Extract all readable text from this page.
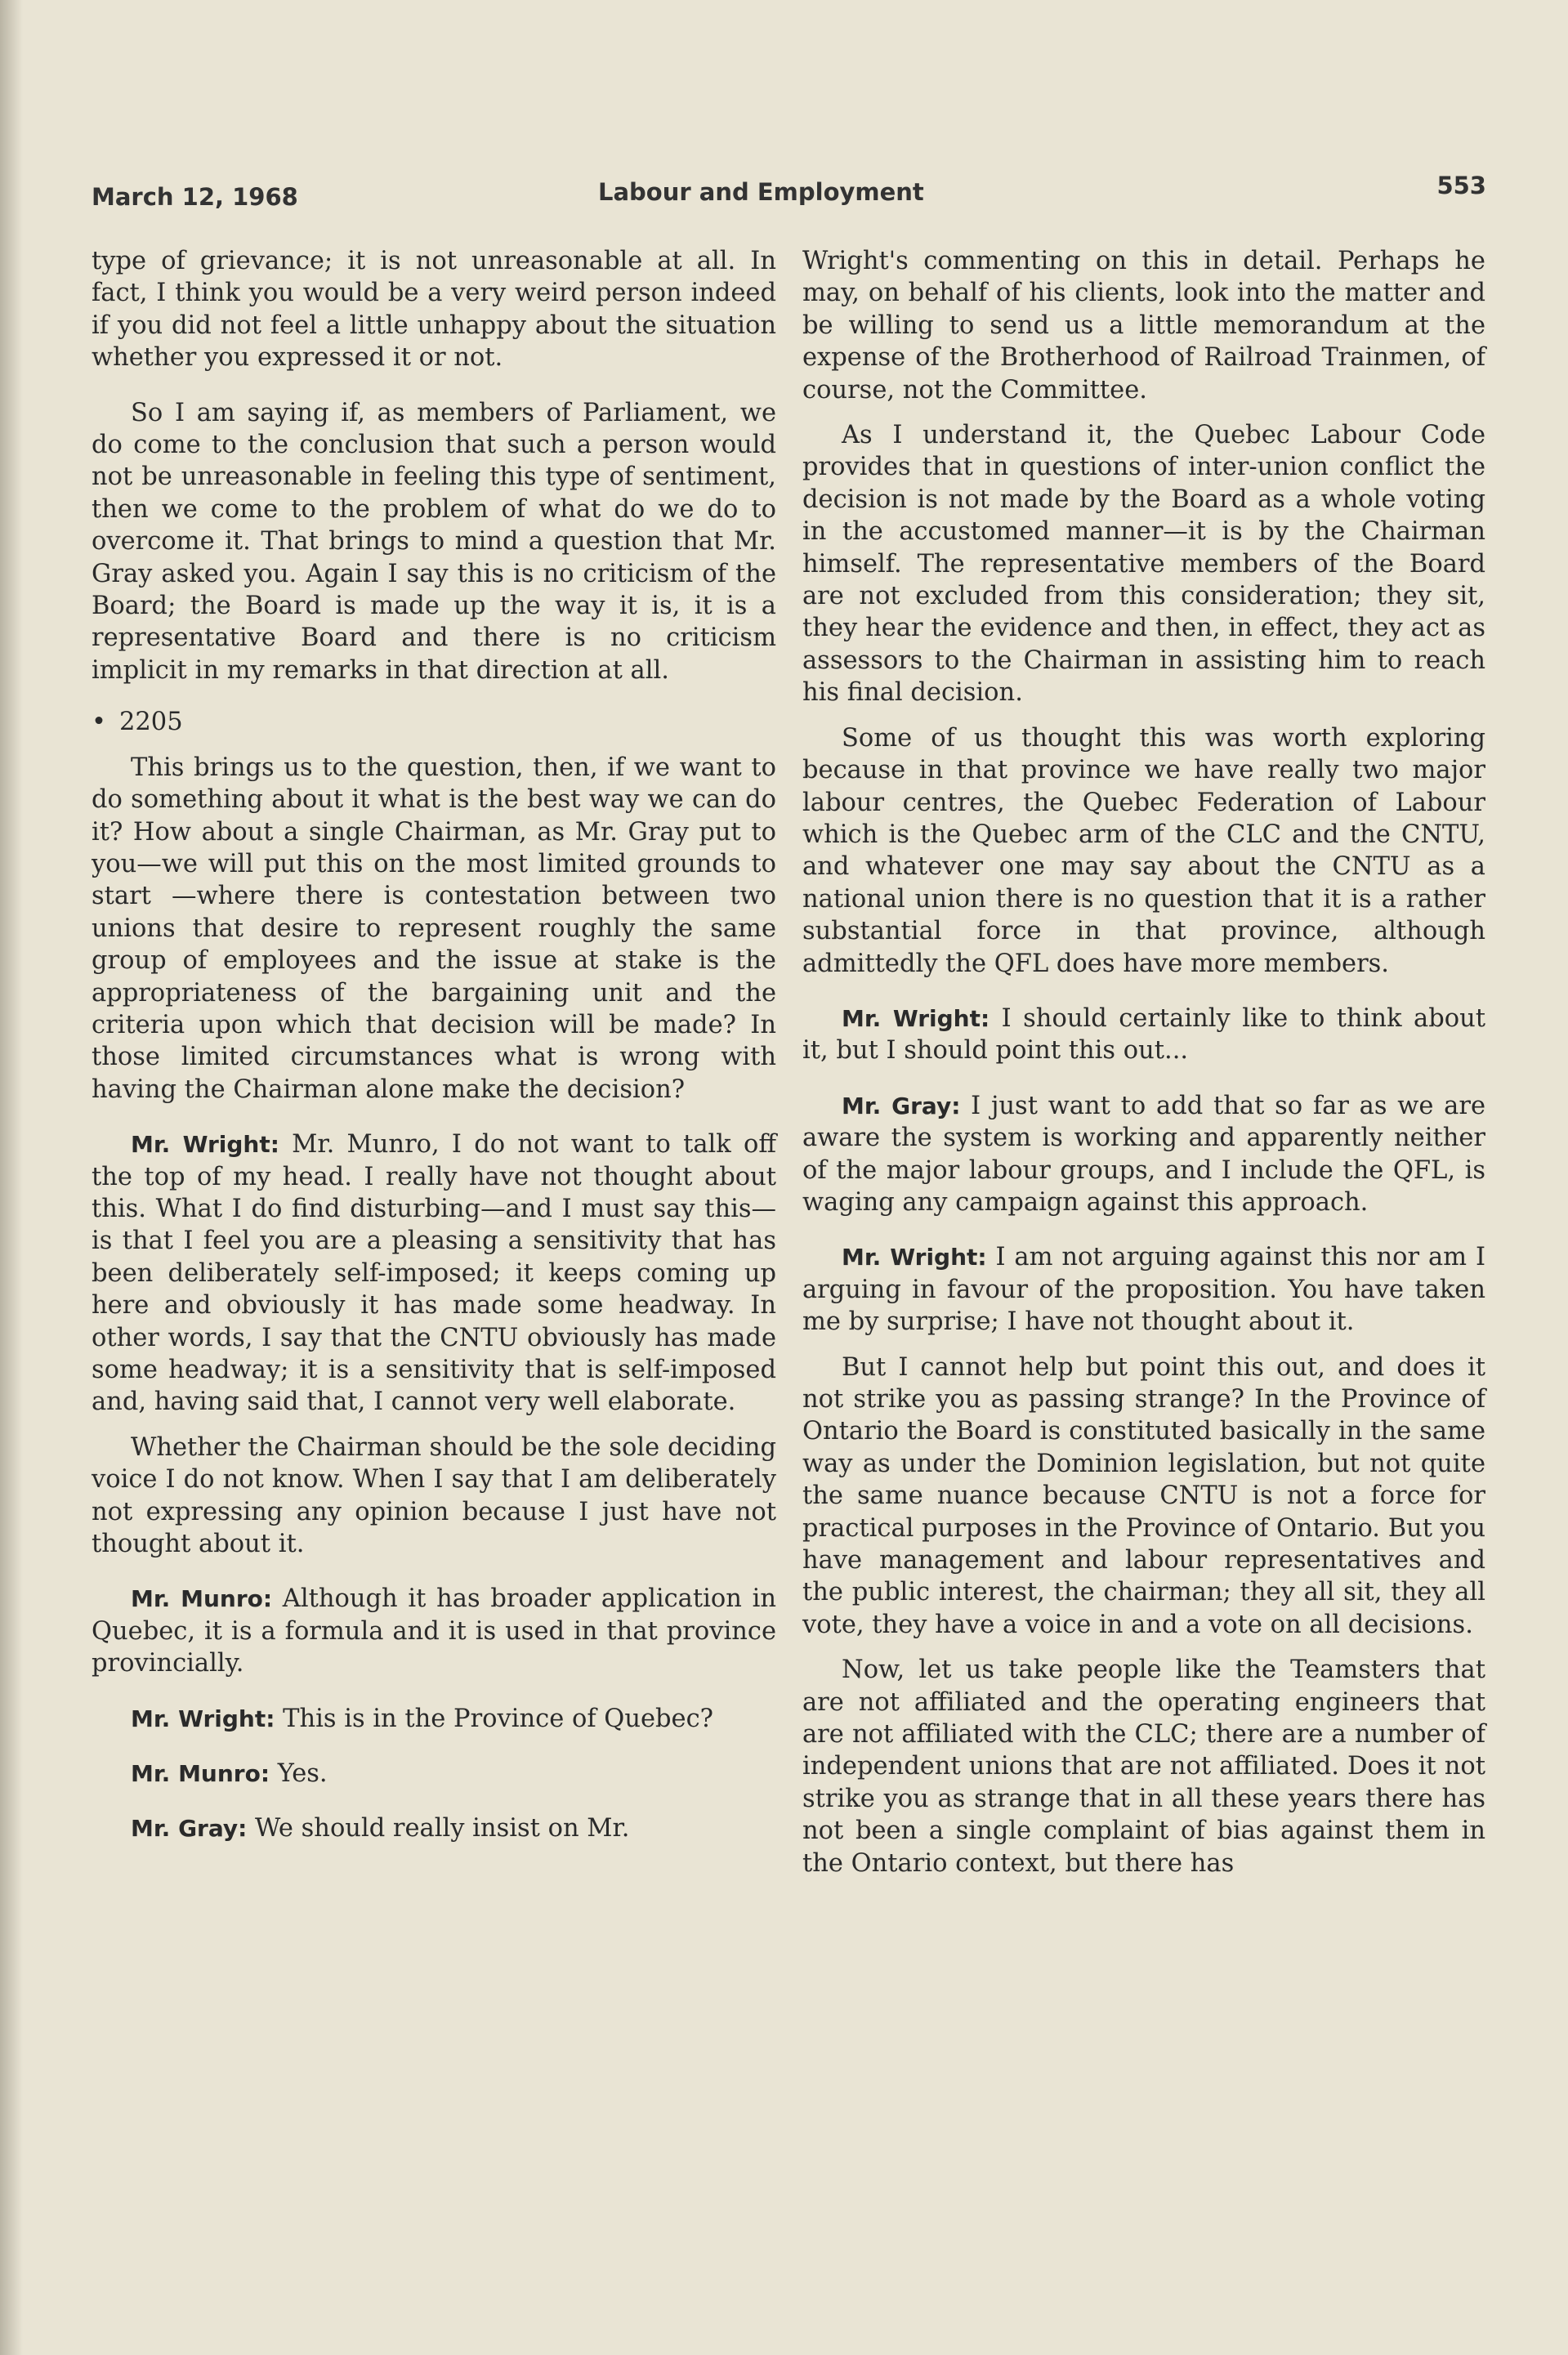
March 12, 1968	Labour and Employment	553

type of grievance; it is not unreasonable at all. In fact, I think you would be a very weird person indeed if you did not feel a little unhappy about the situation whether you expressed it or not.

So I am saying if, as members of Parliament, we do come to the conclusion that such a person would not be unreasonable in feeling this type of sentiment, then we come to the problem of what do we do to overcome it. That brings to mind a question that Mr. Gray asked you. Again I say this is no criticism of the Board; the Board is made up the way it is, it is a representative Board and there is no criticism implicit in my remarks in that direction at all.

• 2205

This brings us to the question, then, if we want to do something about it what is the best way we can do it? How about a single Chairman, as Mr. Gray put to you—we will put this on the most limited grounds to start —where there is contestation between two unions that desire to represent roughly the same group of employees and the issue at stake is the appropriateness of the bargaining unit and the criteria upon which that decision will be made? In those limited circumstances what is wrong with having the Chairman alone make the decision?

Mr. Wright: Mr. Munro, I do not want to talk off the top of my head. I really have not thought about this. What I do find disturbing—and I must say this—is that I feel you are a pleasing a sensitivity that has been deliberately self-imposed; it keeps coming up here and obviously it has made some headway. In other words, I say that the CNTU obviously has made some headway; it is a sensitivity that is self-imposed and, having said that, I cannot very well elaborate.

Whether the Chairman should be the sole deciding voice I do not know. When I say that I am deliberately not expressing any opinion because I just have not thought about it.

Mr. Munro: Although it has broader application in Quebec, it is a formula and it is used in that province provincially.

Mr. Wright: This is in the Province of Quebec?

Mr. Munro: Yes.

Mr. Gray: We should really insist on Mr.

Wright's commenting on this in detail. Perhaps he may, on behalf of his clients, look into the matter and be willing to send us a little memorandum at the expense of the Brotherhood of Railroad Trainmen, of course, not the Committee.

As I understand it, the Quebec Labour Code provides that in questions of inter-union conflict the decision is not made by the Board as a whole voting in the accustomed manner—it is by the Chairman himself. The representative members of the Board are not excluded from this consideration; they sit, they hear the evidence and then, in effect, they act as assessors to the Chairman in assisting him to reach his final decision.

Some of us thought this was worth exploring because in that province we have really two major labour centres, the Quebec Federation of Labour which is the Quebec arm of the CLC and the CNTU, and whatever one may say about the CNTU as a national union there is no question that it is a rather substantial force in that province, although admittedly the QFL does have more members.

Mr. Wright: I should certainly like to think about it, but I should point this out...

Mr. Gray: I just want to add that so far as we are aware the system is working and apparently neither of the major labour groups, and I include the QFL, is waging any campaign against this approach.

Mr. Wright: I am not arguing against this nor am I arguing in favour of the proposition. You have taken me by surprise; I have not thought about it.

But I cannot help but point this out, and does it not strike you as passing strange? In the Province of Ontario the Board is constituted basically in the same way as under the Dominion legislation, but not quite the same nuance because CNTU is not a force for practical purposes in the Province of Ontario. But you have management and labour representatives and the public interest, the chairman; they all sit, they all vote, they have a voice in and a vote on all decisions.

Now, let us take people like the Teamsters that are not affiliated and the operating engineers that are not affiliated with the CLC; there are a number of independent unions that are not affiliated. Does it not strike you as strange that in all these years there has not been a single complaint of bias against them in the Ontario context, but there has
